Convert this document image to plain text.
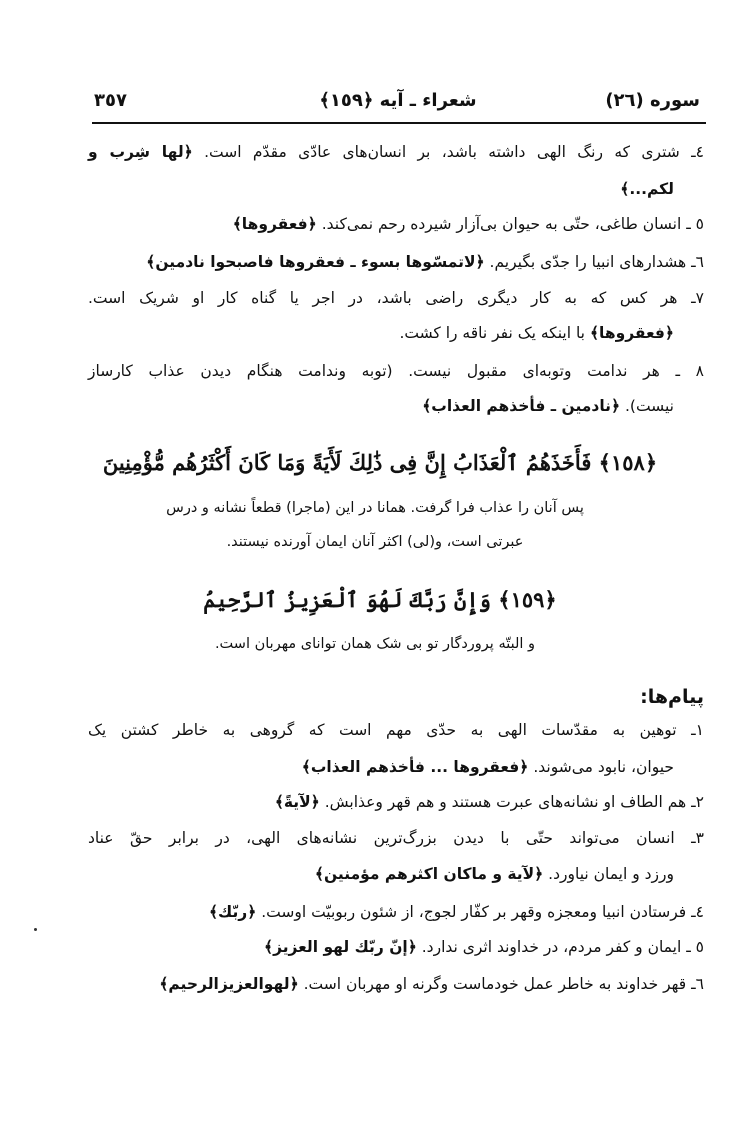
سوره (٢٦)
شعراء ـ آيه ﴿١٥٩﴾
٣٥٧
٤ـ شتری که رنگ الهی داشته باشد، بر انسان‌های عادّی مقدّم است. ﴿لها شِرب و
لکم...﴾
٥ ـ انسان طاغی، حتّی به حیوان بی‌آزار شیرده رحم نمی‌کند. ﴿فعقروها﴾
٦ـ هشدارهای انبیا را جدّی بگیریم. ﴿لاتمسّوها بسوء ـ فعقروها فاصبحوا نادمین﴾
٧ـ هر کس که به کار دیگری راضی باشد، در اجر یا گناه کار او شریک است.
﴿فعقروها﴾ با اینکه یک نفر ناقه را کشت.
٨ ـ هر ندامت وتوبه‌ای مقبول نیست. (توبه وندامت هنگام دیدن عذاب کارساز
نیست). ﴿نادمین ـ فأخذهم العذاب﴾
﴿١٥٨﴾ فَأَخَذَهُمُ ٱلْعَذَابُ إِنَّ فِى ذَٰلِكَ لَأَيَةً وَمَا كَانَ أَكْثَرُهُم مُّؤْمِنِينَ
پس آنان را عذاب فرا گرفت. همانا در این (ماجرا) قطعاً نشانه و درس
عبرتی است، و(لی) اکثر آنان ایمان آورنده نیستند.
﴿١٥٩﴾ وَإِنَّ رَبَّكَ لَهُوَ ٱلْعَزِيزُ ٱلرَّحِيمُ
و البتّه پروردگار تو بی شک همان توانای مهربان است.
پیام‌ها:
١ـ توهین به مقدّسات الهی به حدّی مهم است که گروهی به خاطر کشتن یک
حیوان، نابود می‌شوند. ﴿فعقروها ... فأخذهم العذاب﴾
٢ـ هم الطاف او نشانه‌های عبرت هستند و هم قهر وعذابش. ﴿لآيةً﴾
٣ـ انسان می‌تواند حتّی با دیدن بزرگ‌ترین نشانه‌های الهی، در برابر حقّ عناد
ورزد و ایمان نیاورد. ﴿لآية و ماکان اکثرهم مؤمنین﴾
٤ـ فرستادن انبیا ومعجزه وقهر بر کفّار لجوج، از شئون ربوبیّت اوست. ﴿ربّك﴾
٥ ـ ایمان و کفر مردم، در خداوند اثری ندارد. ﴿إنّ ربّك لهو العزيز﴾
٦ـ قهر خداوند به خاطر عمل خودماست وگرنه او مهربان است. ﴿لهوالعزيزالرحيم﴾
